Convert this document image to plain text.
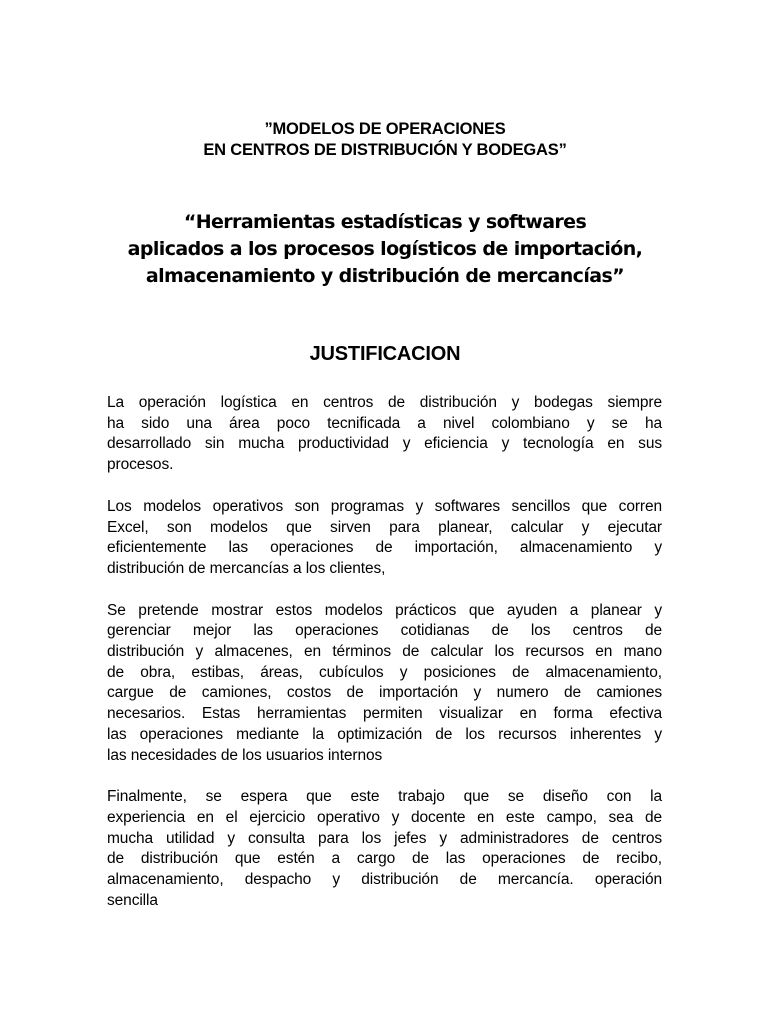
”MODELOS DE OPERACIONES
EN CENTROS DE DISTRIBUCIÓN Y BODEGAS”
“Herramientas estadísticas y softwares
aplicados a los procesos logísticos de importación,
almacenamiento y distribución de mercancías”
JUSTIFICACION

La operación logística en centros de distribución y bodegas siempre
ha sido una área poco tecnificada a nivel colombiano y se ha
desarrollado sin mucha productividad y eficiencia y tecnología en sus
procesos.

Los modelos operativos son programas y softwares sencillos que corren
Excel, son modelos que sirven para planear, calcular y ejecutar
eficientemente las operaciones de importación, almacenamiento y
distribución de mercancías a los clientes,

Se pretende mostrar estos modelos prácticos que ayuden a planear y
gerenciar mejor las operaciones cotidianas de los centros de
distribución y almacenes, en términos de calcular los recursos en mano
de obra, estibas, áreas, cubículos y posiciones de almacenamiento,
cargue de camiones, costos de importación y numero de camiones
necesarios. Estas herramientas permiten visualizar en forma efectiva
las operaciones mediante la optimización de los recursos inherentes y
las necesidades de los usuarios internos

Finalmente, se espera que este trabajo que se diseño con la
experiencia en el ejercicio operativo y docente en este campo, sea de
mucha utilidad y consulta para los jefes y administradores de centros
de distribución que estén a cargo de las operaciones de recibo,
almacenamiento, despacho y distribución de mercancía. operación
sencilla
